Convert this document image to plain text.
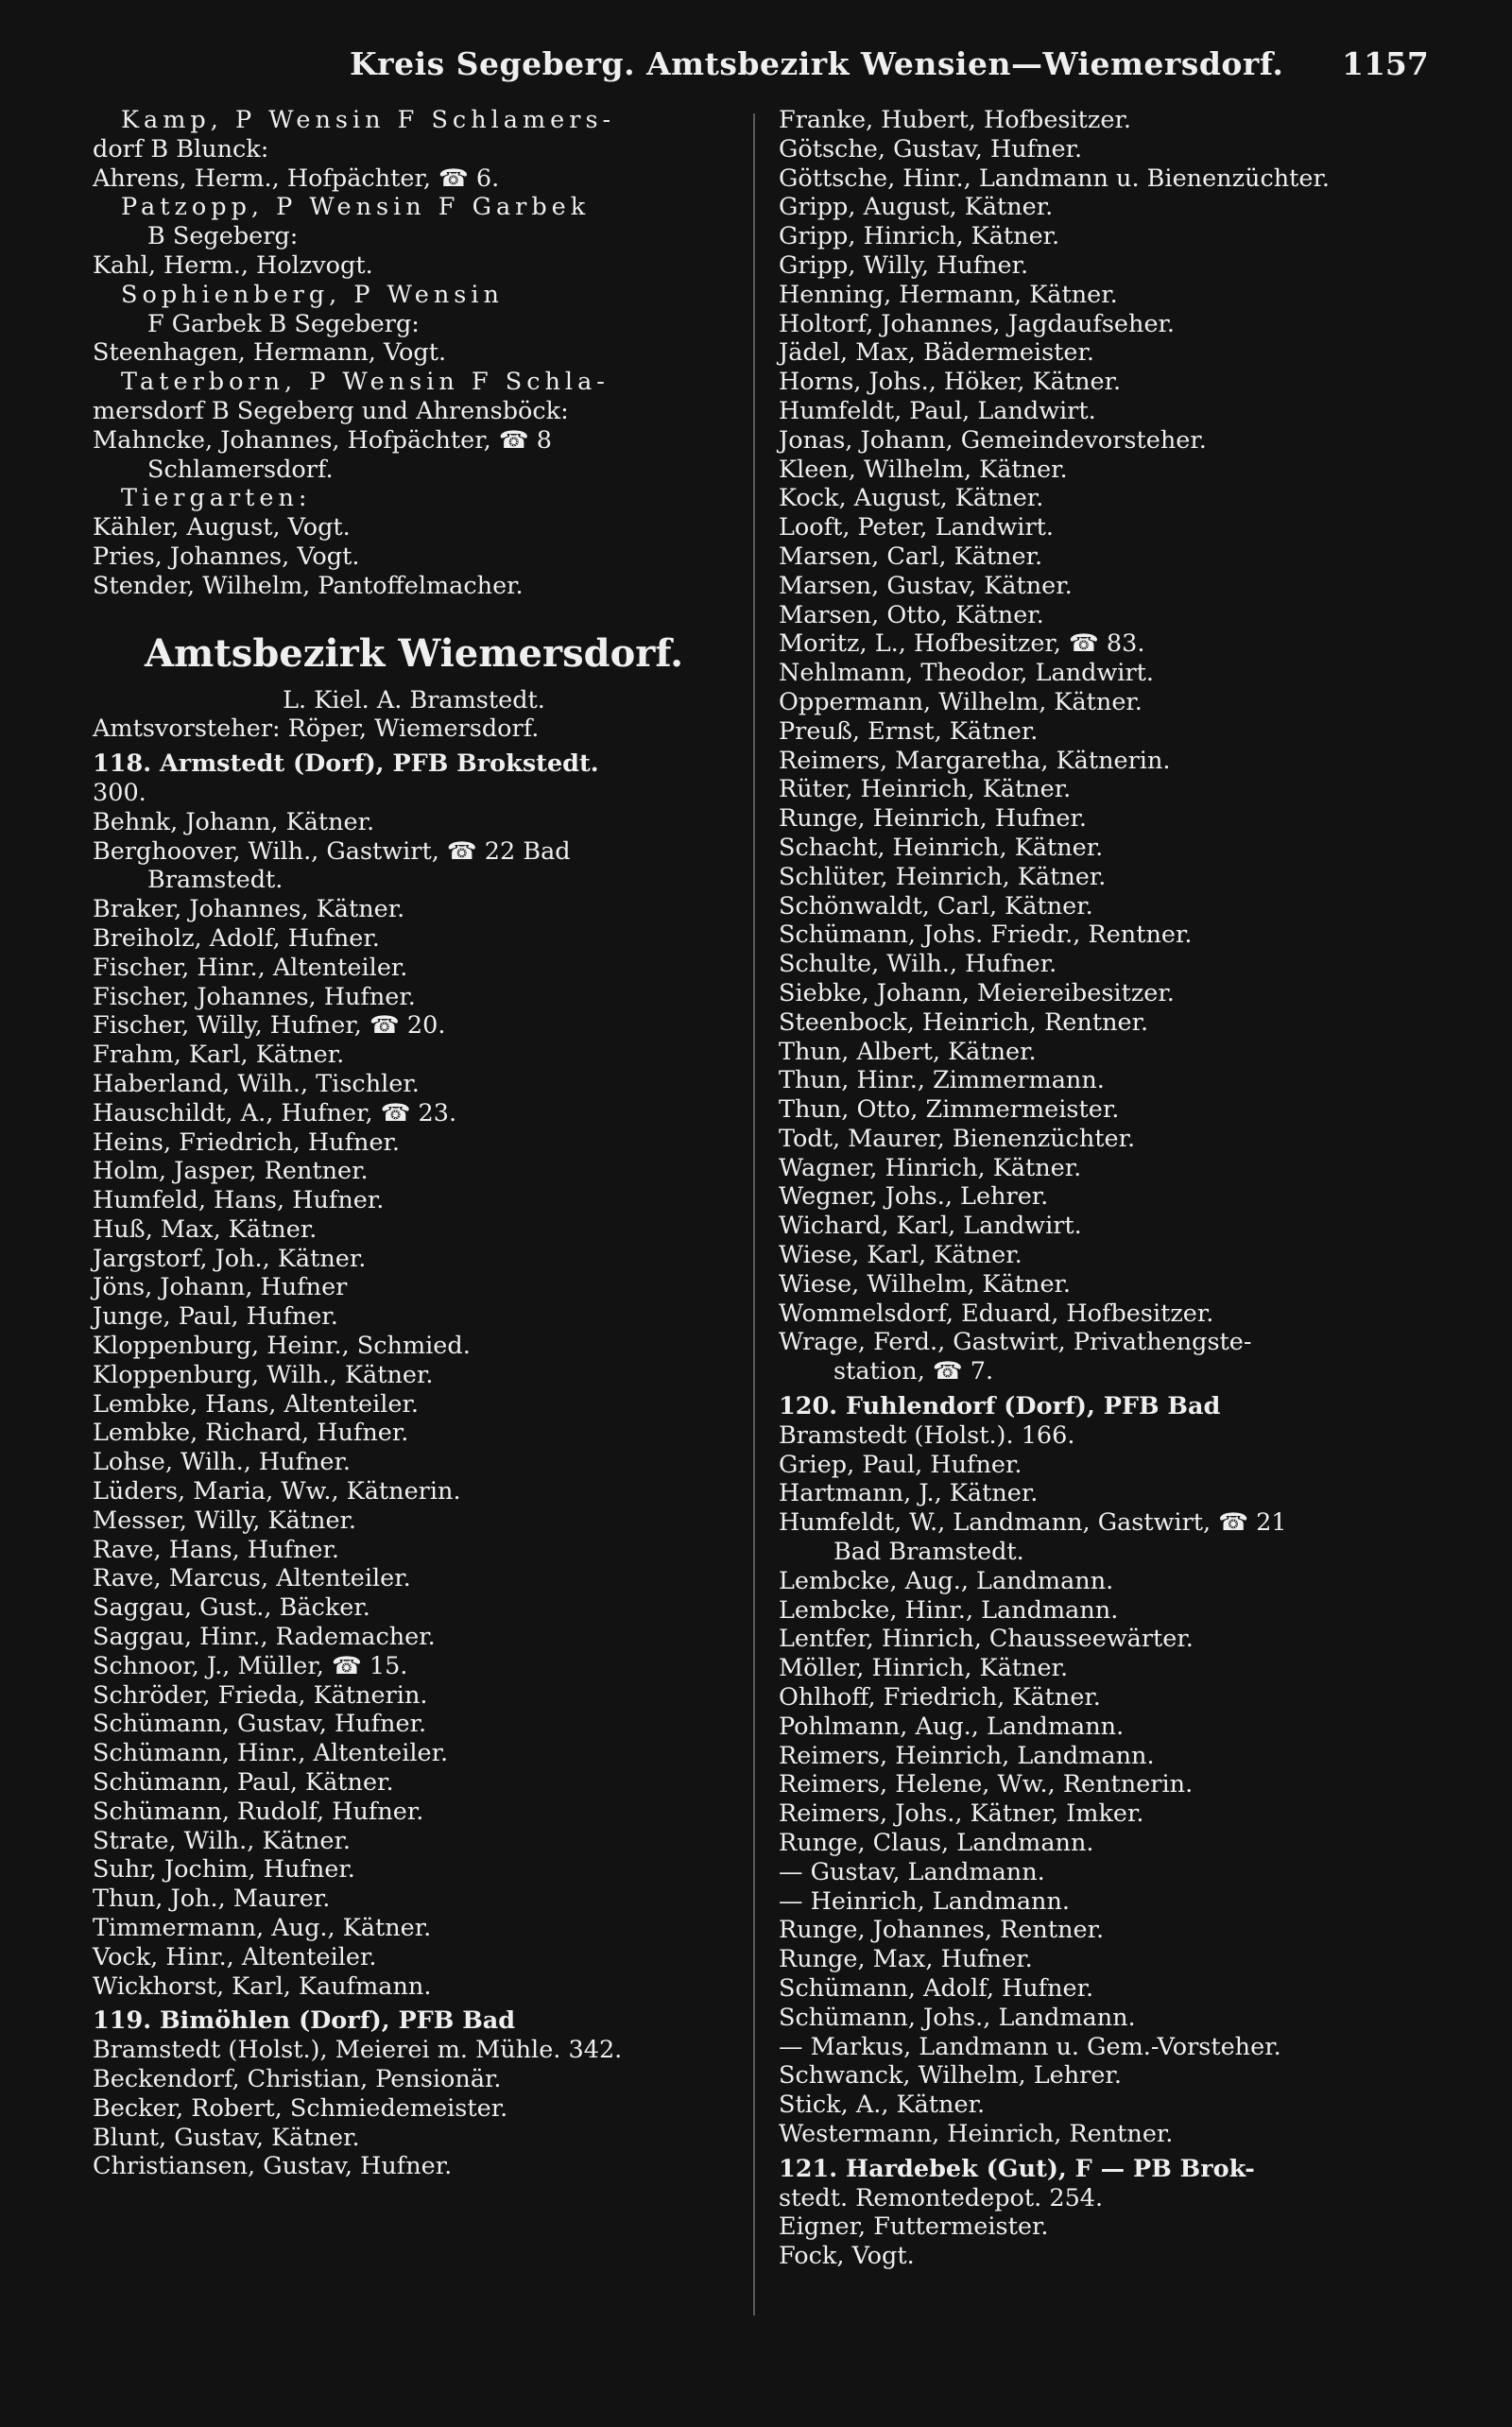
Kreis Segeberg. Amtsbezirk Wensien—Wiemersdorf. 1157
Kamp, P Wensin F Schlamers-
dorf B Blunck:
Ahrens, Herm., Hofpächter, ☎ 6.
Patzopp, P Wensin F Garbek
B Segeberg:
Kahl, Herm., Holzvogt.
Sophienberg, P Wensin
F Garbek B Segeberg:
Steenhagen, Hermann, Vogt.
Taterborn, P Wensin F Schla-
mersdorf B Segeberg und Ahrensböck:
Mahncke, Johannes, Hofpächter, ☎ 8
Schlamersdorf.
Tiergarten:
Kähler, August, Vogt.
Pries, Johannes, Vogt.
Stender, Wilhelm, Pantoffelmacher.
Amtsbezirk Wiemersdorf.
L. Kiel. A. Bramstedt.
Amtsvorsteher: Röper, Wiemersdorf.
118. Armstedt (Dorf), PFB Brokstedt.
300.
Behnk, Johann, Kätner.
Berghoover, Wilh., Gastwirt, ☎ 22 Bad
Bramstedt.
Braker, Johannes, Kätner.
Breiholz, Adolf, Hufner.
Fischer, Hinr., Altenteiler.
Fischer, Johannes, Hufner.
Fischer, Willy, Hufner, ☎ 20.
Frahm, Karl, Kätner.
Haberland, Wilh., Tischler.
Hauschildt, A., Hufner, ☎ 23.
Heins, Friedrich, Hufner.
Holm, Jasper, Rentner.
Humfeld, Hans, Hufner.
Huß, Max, Kätner.
Jargstorf, Joh., Kätner.
Jöns, Johann, Hufner
Junge, Paul, Hufner.
Kloppenburg, Heinr., Schmied.
Kloppenburg, Wilh., Kätner.
Lembke, Hans, Altenteiler.
Lembke, Richard, Hufner.
Lohse, Wilh., Hufner.
Lüders, Maria, Ww., Kätnerin.
Messer, Willy, Kätner.
Rave, Hans, Hufner.
Rave, Marcus, Altenteiler.
Saggau, Gust., Bäcker.
Saggau, Hinr., Rademacher.
Schnoor, J., Müller, ☎ 15.
Schröder, Frieda, Kätnerin.
Schümann, Gustav, Hufner.
Schümann, Hinr., Altenteiler.
Schümann, Paul, Kätner.
Schümann, Rudolf, Hufner.
Strate, Wilh., Kätner.
Suhr, Jochim, Hufner.
Thun, Joh., Maurer.
Timmermann, Aug., Kätner.
Vock, Hinr., Altenteiler.
Wickhorst, Karl, Kaufmann.
119. Bimöhlen (Dorf), PFB Bad
Bramstedt (Holst.), Meierei m. Mühle. 342.
Beckendorf, Christian, Pensionär.
Becker, Robert, Schmiedemeister.
Blunt, Gustav, Kätner.
Christiansen, Gustav, Hufner.
Franke, Hubert, Hofbesitzer.
Götsche, Gustav, Hufner.
Göttsche, Hinr., Landmann u. Bienenzüchter.
Gripp, August, Kätner.
Gripp, Hinrich, Kätner.
Gripp, Willy, Hufner.
Henning, Hermann, Kätner.
Holtorf, Johannes, Jagdaufseher.
Jädel, Max, Bädermeister.
Horns, Johs., Höker, Kätner.
Humfeldt, Paul, Landwirt.
Jonas, Johann, Gemeindevorsteher.
Kleen, Wilhelm, Kätner.
Kock, August, Kätner.
Looft, Peter, Landwirt.
Marsen, Carl, Kätner.
Marsen, Gustav, Kätner.
Marsen, Otto, Kätner.
Moritz, L., Hofbesitzer, ☎ 83.
Nehlmann, Theodor, Landwirt.
Oppermann, Wilhelm, Kätner.
Preuß, Ernst, Kätner.
Reimers, Margaretha, Kätnerin.
Rüter, Heinrich, Kätner.
Runge, Heinrich, Hufner.
Schacht, Heinrich, Kätner.
Schlüter, Heinrich, Kätner.
Schönwaldt, Carl, Kätner.
Schümann, Johs. Friedr., Rentner.
Schulte, Wilh., Hufner.
Siebke, Johann, Meiereibesitzer.
Steenbock, Heinrich, Rentner.
Thun, Albert, Kätner.
Thun, Hinr., Zimmermann.
Thun, Otto, Zimmermeister.
Todt, Maurer, Bienenzüchter.
Wagner, Hinrich, Kätner.
Wegner, Johs., Lehrer.
Wichard, Karl, Landwirt.
Wiese, Karl, Kätner.
Wiese, Wilhelm, Kätner.
Wommelsdorf, Eduard, Hofbesitzer.
Wrage, Ferd., Gastwirt, Privathengste-
station, ☎ 7.
120. Fuhlendorf (Dorf), PFB Bad
Bramstedt (Holst.). 166.
Griep, Paul, Hufner.
Hartmann, J., Kätner.
Humfeldt, W., Landmann, Gastwirt, ☎ 21
Bad Bramstedt.
Lembcke, Aug., Landmann.
Lembcke, Hinr., Landmann.
Lentfer, Hinrich, Chausseewärter.
Möller, Hinrich, Kätner.
Ohlhoff, Friedrich, Kätner.
Pohlmann, Aug., Landmann.
Reimers, Heinrich, Landmann.
Reimers, Helene, Ww., Rentnerin.
Reimers, Johs., Kätner, Imker.
Runge, Claus, Landmann.
— Gustav, Landmann.
— Heinrich, Landmann.
Runge, Johannes, Rentner.
Runge, Max, Hufner.
Schümann, Adolf, Hufner.
Schümann, Johs., Landmann.
— Markus, Landmann u. Gem.-Vorsteher.
Schwanck, Wilhelm, Lehrer.
Stick, A., Kätner.
Westermann, Heinrich, Rentner.
121. Hardebek (Gut), F — PB Brok-
stedt. Remontedepot. 254.
Eigner, Futtermeister.
Fock, Vogt.
